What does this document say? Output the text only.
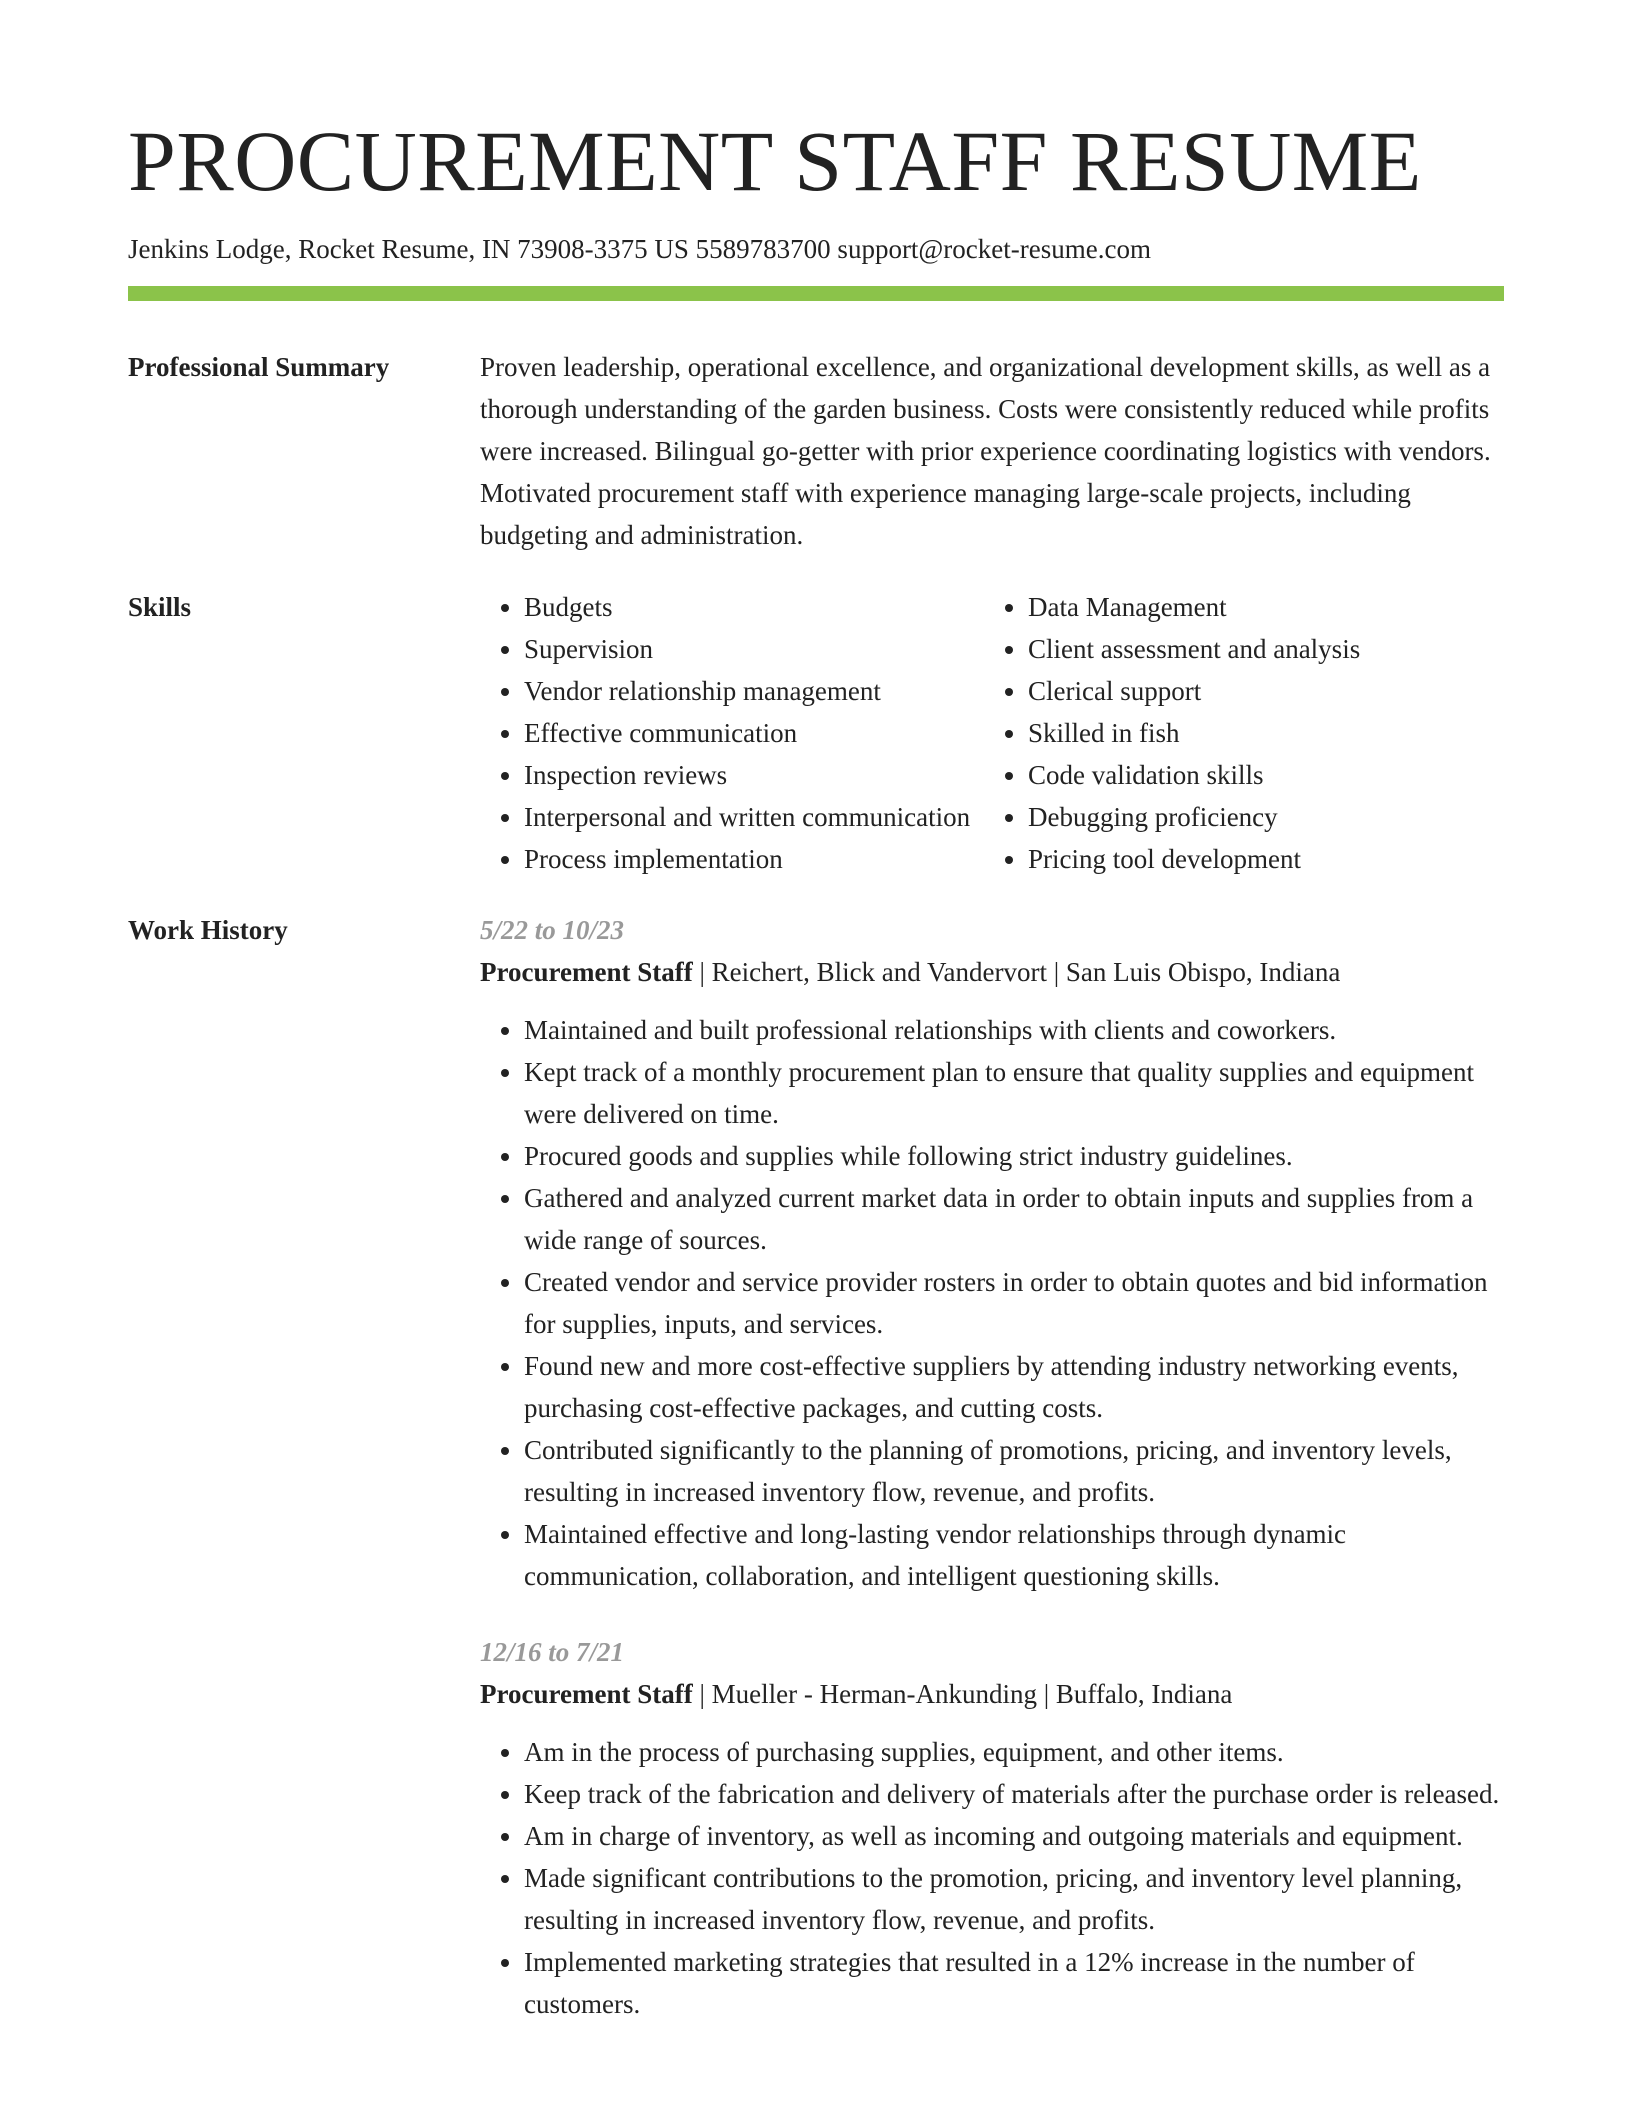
PROCUREMENT STAFF RESUME
Jenkins Lodge, Rocket Resume, IN 73908-3375 US 5589783700 support@rocket-resume.com
Professional Summary	Proven leadership, operational excellence, and organizational development skills, as well as a thorough understanding of the garden business. Costs were consistently reduced while profits were increased. Bilingual go-getter with prior experience coordinating logistics with vendors. Motivated procurement staff with experience managing large-scale projects, including budgeting and administration.

Skills
•	Budgets
• Supervision
• Vendor relationship management
• Effective communication
• Inspection reviews
• Interpersonal and written communication
• Process implementation
• Data Management
• Client assessment and analysis
• Clerical support
• Skilled in fish
• Code validation skills
• Debugging proficiency
• Pricing tool development
Work History	5/22 to 10/23
Procurement Staff | Reichert, Blick and Vandervort | San Luis Obispo, Indiana
• Maintained and built professional relationships with clients and coworkers.
• Kept track of a monthly procurement plan to ensure that quality supplies and equipment were delivered on time.
• Procured goods and supplies while following strict industry guidelines.
• Gathered and analyzed current market data in order to obtain inputs and supplies from a wide range of sources.
• Created vendor and service provider rosters in order to obtain quotes and bid information for supplies, inputs, and services.
• Found new and more cost-effective suppliers by attending industry networking events, purchasing cost-effective packages, and cutting costs.
• Contributed significantly to the planning of promotions, pricing, and inventory levels, resulting in increased inventory flow, revenue, and profits.
• Maintained effective and long-lasting vendor relationships through dynamic communication, collaboration, and intelligent questioning skills.
12/16 to 7/21
Procurement Staff | Mueller - Herman-Ankunding | Buffalo, Indiana
• Am in the process of purchasing supplies, equipment, and other items.
• Keep track of the fabrication and delivery of materials after the purchase order is released.
• Am in charge of inventory, as well as incoming and outgoing materials and equipment.
• Made significant contributions to the promotion, pricing, and inventory level planning, resulting in increased inventory flow, revenue, and profits.
• Implemented marketing strategies that resulted in a 12% increase in the number of customers.
